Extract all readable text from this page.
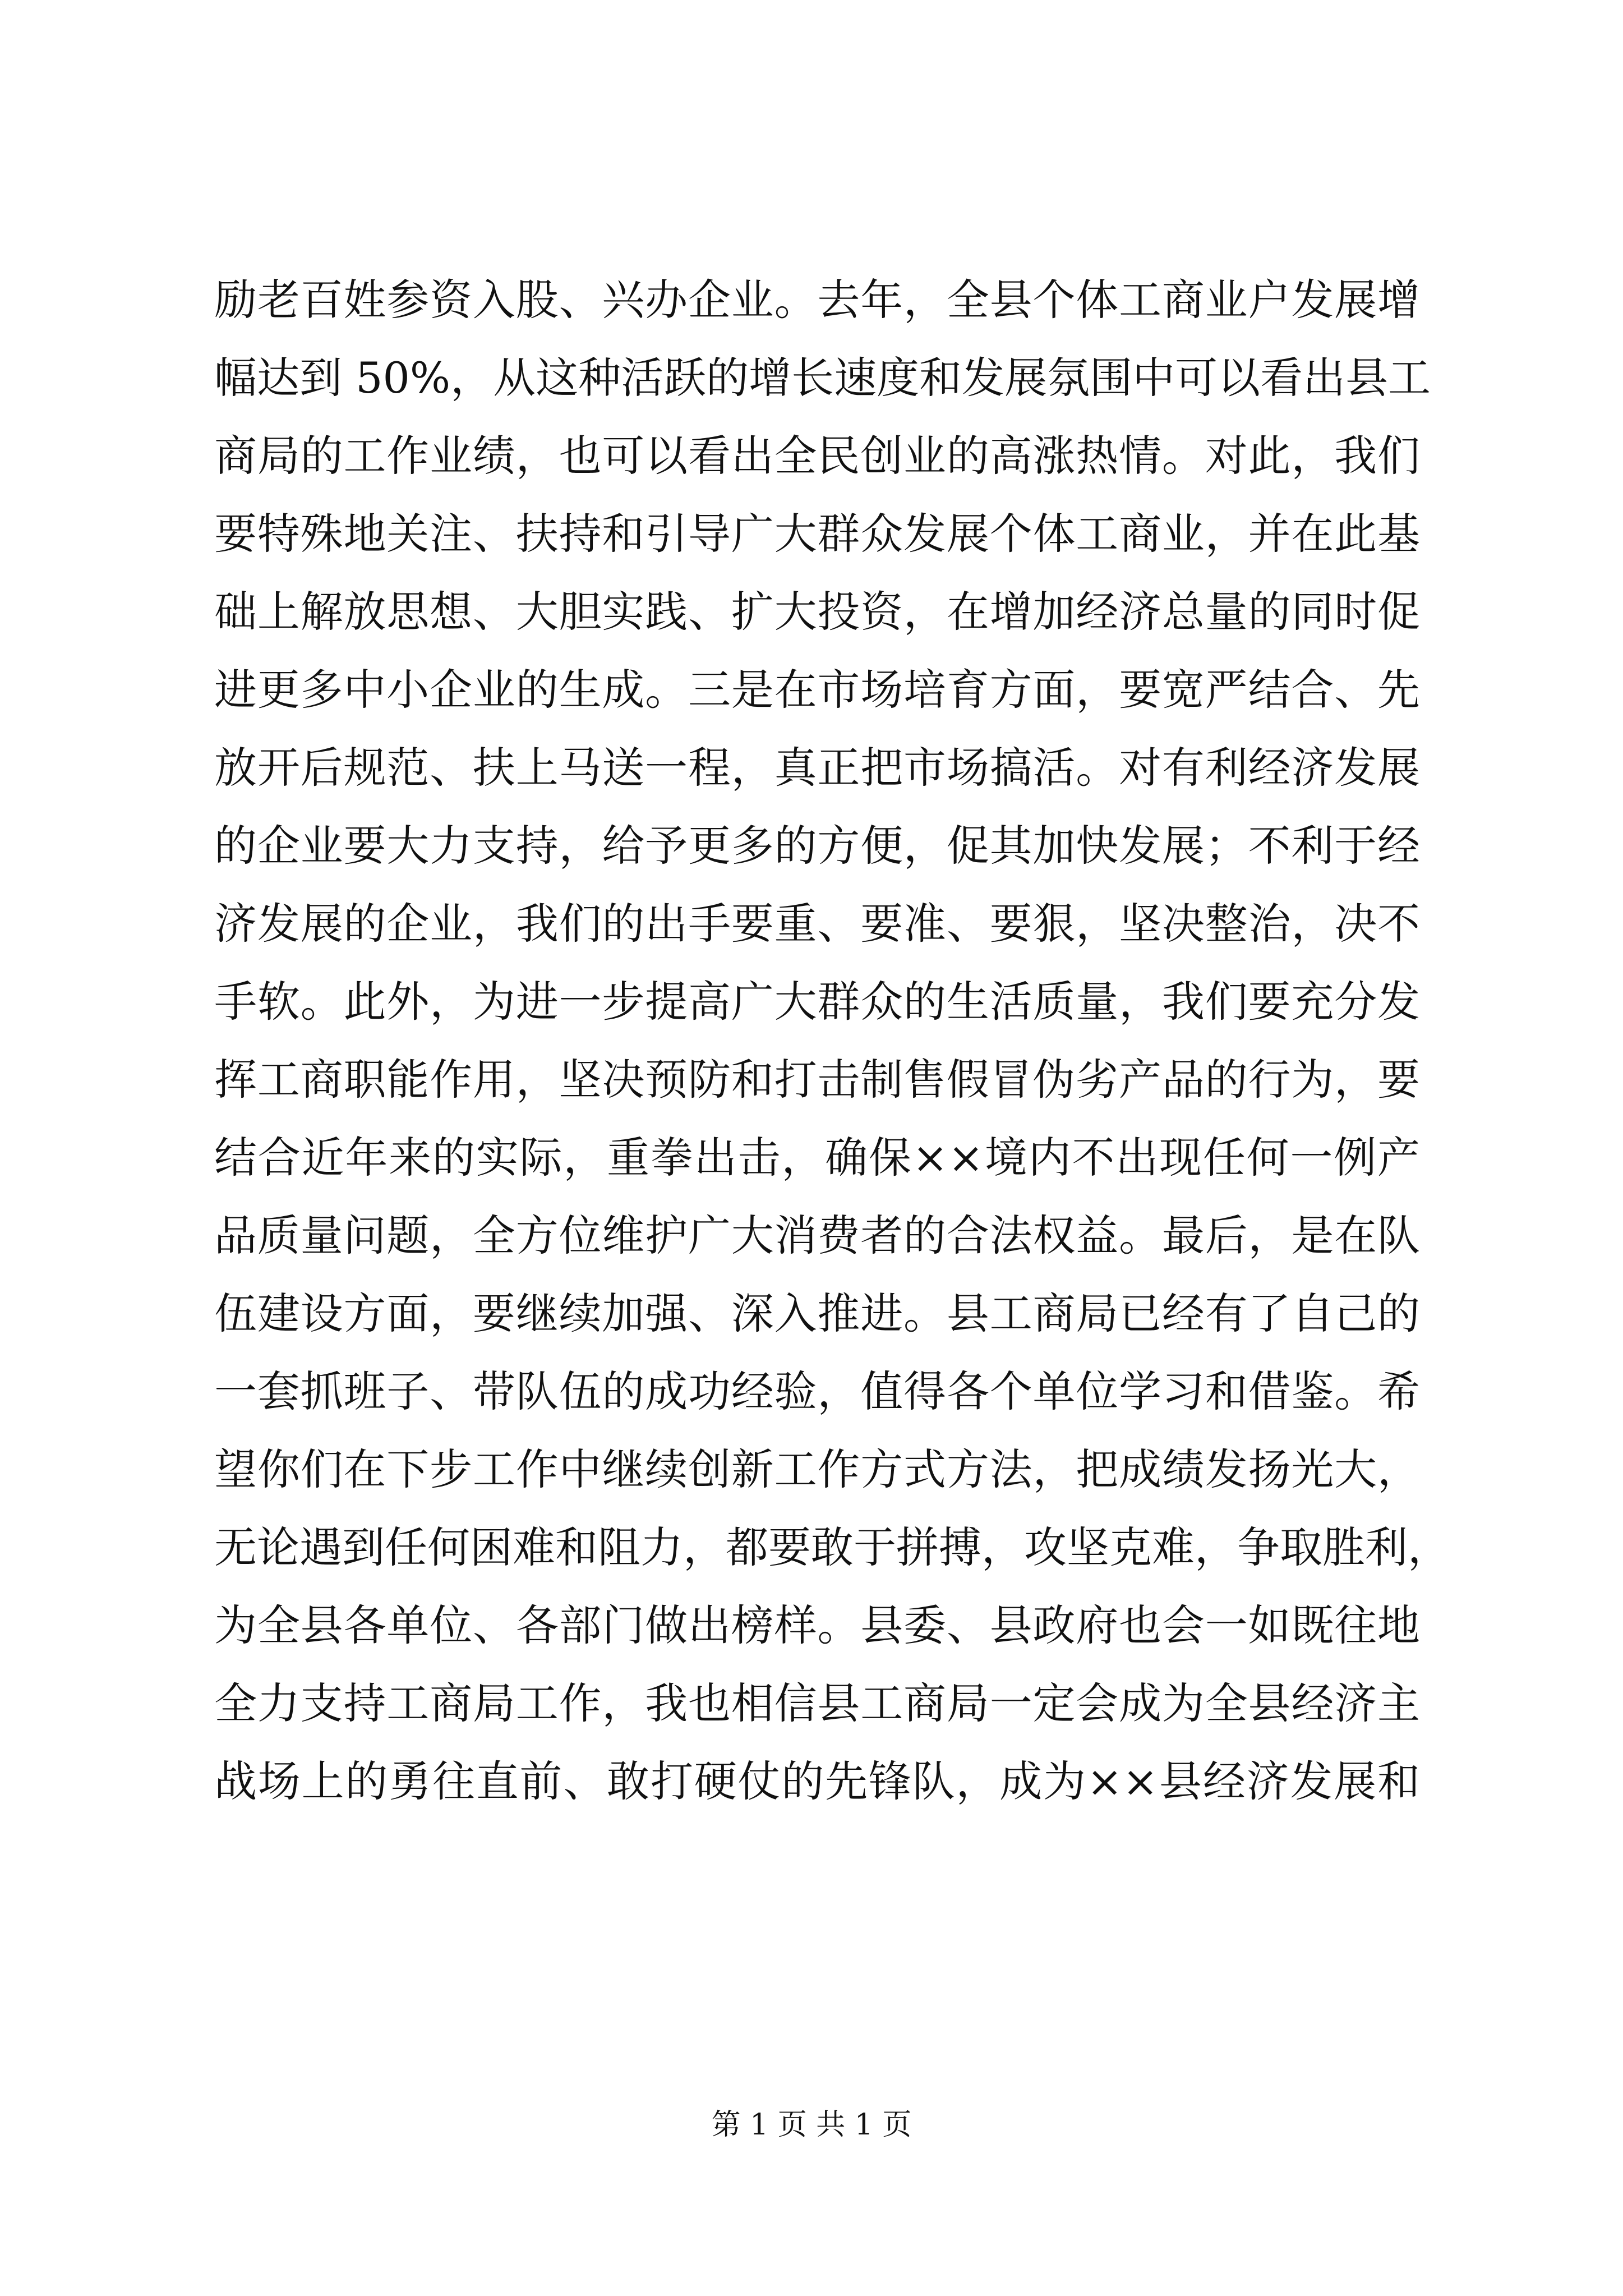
励老百姓参资入股、兴办企业。去年，全县个体工商业户发展增
幅达到 50%，从这种活跃的增长速度和发展氛围中可以看出县工
商局的工作业绩，也可以看出全民创业的高涨热情。对此，我们
要特殊地关注、扶持和引导广大群众发展个体工商业，并在此基
础上解放思想、大胆实践、扩大投资，在增加经济总量的同时促
进更多中小企业的生成。三是在市场培育方面，要宽严结合、先
放开后规范、扶上马送一程，真正把市场搞活。对有利经济发展
的企业要大力支持，给予更多的方便，促其加快发展；不利于经
济发展的企业，我们的出手要重、要准、要狠，坚决整治，决不
手软。此外，为进一步提高广大群众的生活质量，我们要充分发
挥工商职能作用，坚决预防和打击制售假冒伪劣产品的行为，要
结合近年来的实际，重拳出击，确保××境内不出现任何一例产
品质量问题，全方位维护广大消费者的合法权益。最后，是在队
伍建设方面，要继续加强、深入推进。县工商局已经有了自己的
一套抓班子、带队伍的成功经验，值得各个单位学习和借鉴。希
望你们在下步工作中继续创新工作方式方法，把成绩发扬光大，
无论遇到任何困难和阻力，都要敢于拼搏，攻坚克难，争取胜利，
为全县各单位、各部门做出榜样。县委、县政府也会一如既往地
全力支持工商局工作，我也相信县工商局一定会成为全县经济主
战场上的勇往直前、敢打硬仗的先锋队，成为××县经济发展和
第 1 页 共 1 页
